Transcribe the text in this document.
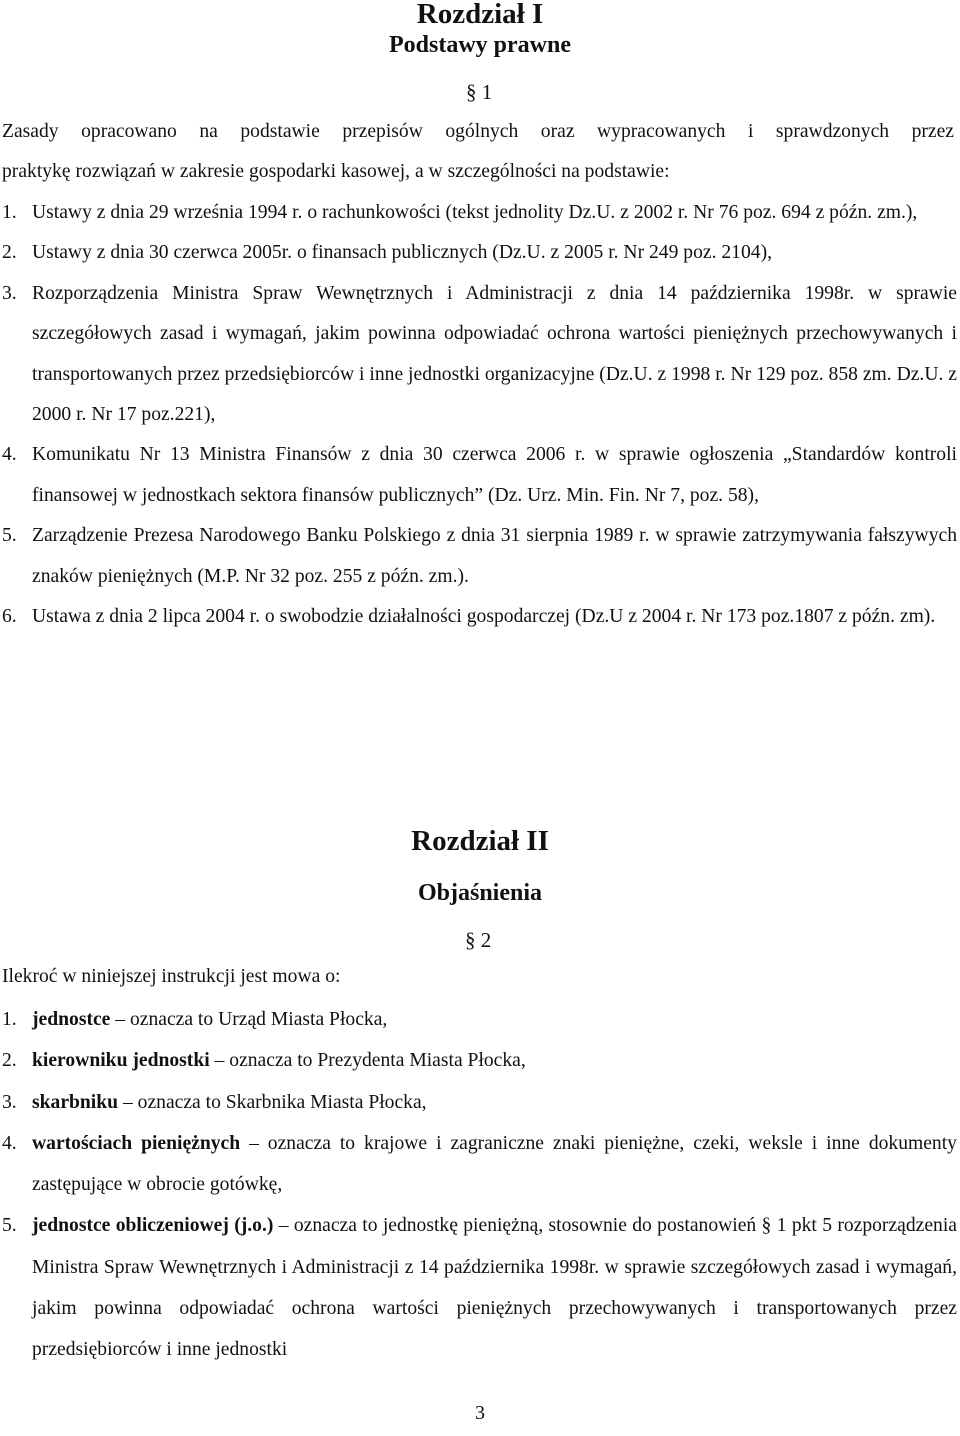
Rozdział I
Podstawy prawne
§ 1
Zasady opracowano na podstawie przepisów ogólnych oraz wypracowanych i sprawdzonych przez
praktykę rozwiązań w zakresie gospodarki kasowej, a w szczególności na podstawie:
1. Ustawy z dnia 29 września 1994 r. o rachunkowości (tekst jednolity Dz.U. z 2002 r. Nr 76 poz. 694 z późn. zm.),
2. Ustawy z dnia 30 czerwca 2005r. o finansach publicznych (Dz.U. z 2005 r. Nr 249 poz. 2104),
3. Rozporządzenia Ministra Spraw Wewnętrznych i Administracji z dnia 14 października 1998r. w sprawie szczegółowych zasad i wymagań, jakim powinna odpowiadać ochrona wartości pieniężnych przechowywanych i transportowanych przez przedsiębiorców i inne jednostki organizacyjne (Dz.U. z 1998 r. Nr 129 poz. 858 zm. Dz.U. z 2000 r. Nr 17 poz.221),
4. Komunikatu Nr 13 Ministra Finansów z dnia 30 czerwca 2006 r. w sprawie ogłoszenia „Standardów kontroli finansowej w jednostkach sektora finansów publicznych” (Dz. Urz. Min. Fin. Nr 7, poz. 58),
5. Zarządzenie Prezesa Narodowego Banku Polskiego z dnia 31 sierpnia 1989 r. w sprawie zatrzymywania fałszywych znaków pieniężnych (M.P. Nr 32 poz. 255 z późn. zm.).
6. Ustawa z dnia 2 lipca 2004 r. o swobodzie działalności gospodarczej (Dz.U z 2004 r. Nr 173 poz.1807 z późn. zm).
Rozdział II
Objaśnienia
§ 2
Ilekroć w niniejszej instrukcji jest mowa o:
1. jednostce – oznacza to Urząd Miasta Płocka,
2. kierowniku jednostki – oznacza to Prezydenta Miasta Płocka,
3. skarbniku – oznacza to Skarbnika Miasta Płocka,
4. wartościach pieniężnych – oznacza to krajowe i zagraniczne znaki pieniężne, czeki, weksle i inne dokumenty zastępujące w obrocie gotówkę,
5. jednostce obliczeniowej (j.o.) – oznacza to jednostkę pieniężną, stosownie do postanowień § 1 pkt 5 rozporządzenia Ministra Spraw Wewnętrznych i Administracji z 14 października 1998r. w sprawie szczegółowych zasad i wymagań, jakim powinna odpowiadać ochrona wartości pieniężnych przechowywanych i transportowanych przez przedsiębiorców i inne jednostki
3
